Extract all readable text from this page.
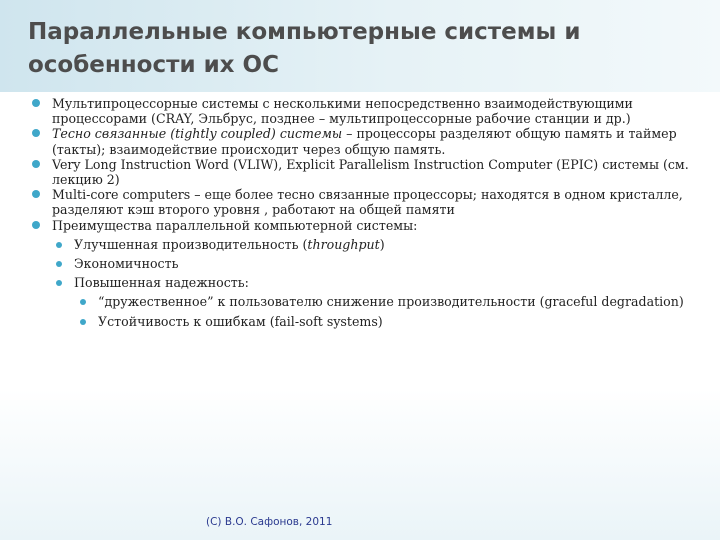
Параллельные компьютерные системы и особенности их ОС
Мультипроцессорные системы с несколькими непосредственно взаимодействующими процессорами (CRAY, Эльбрус, позднее – мультипроцессорные рабочие станции и др.)
Тесно связанные (tightly coupled) системы – процессоры разделяют общую память и таймер (такты); взаимодействие происходит через общую память.
Very Long Instruction Word (VLIW), Explicit Parallelism Instruction Computer (EPIC) системы (см. лекцию 2)
Multi-core computers – еще более тесно связанные процессоры; находятся в одном кристалле, разделяют кэш второго уровня , работают на общей памяти
Преимущества параллельной компьютерной системы:
Улучшенная производительность (throughput)
Экономичность
Повышенная надежность:
“дружественное” к пользователю снижение производительности (graceful degradation)
Устойчивость к ошибкам (fail-soft systems)
(C) В.О. Сафонов, 2011
